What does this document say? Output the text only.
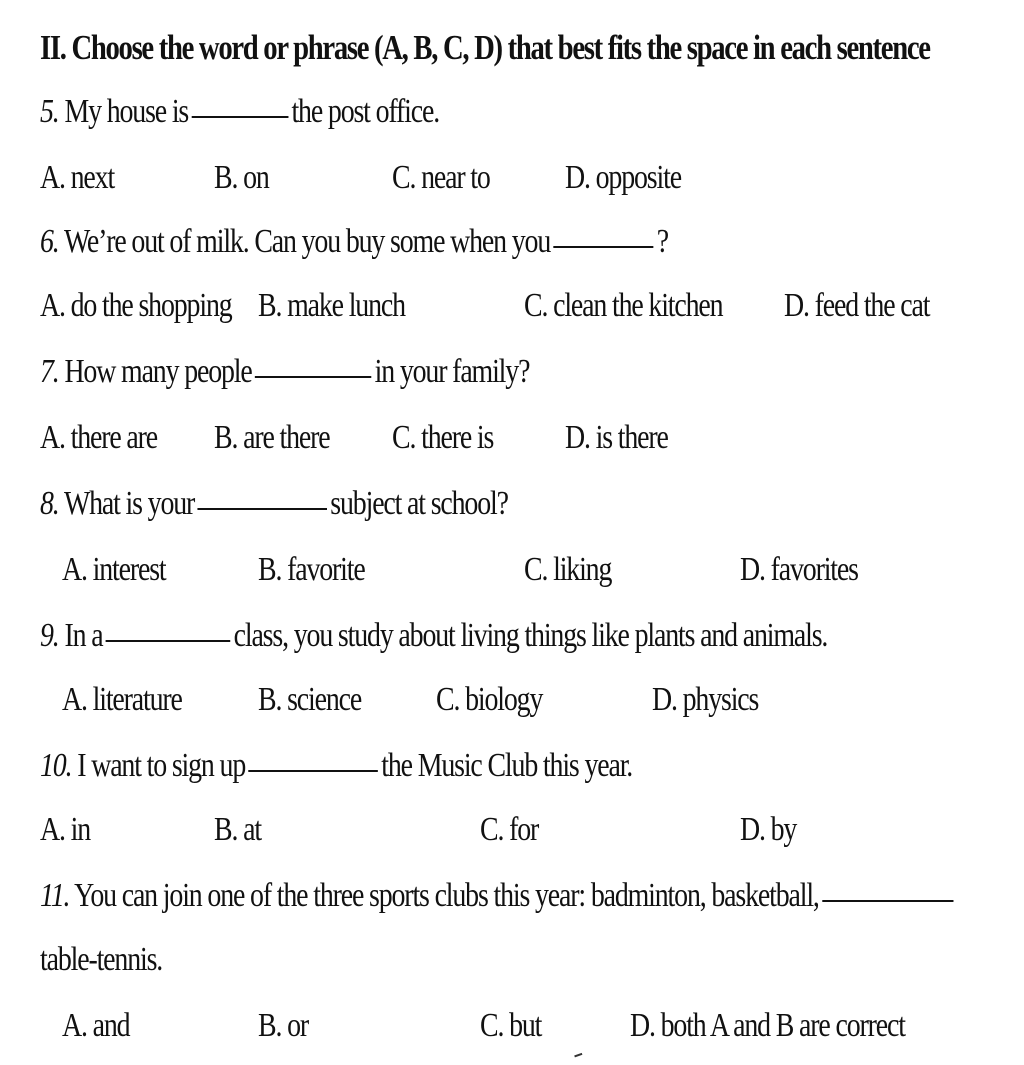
II. Choose the word or phrase (A, B, C, D) that best fits the space in each sentence
5. My house is	the post office.
A. next	B. on	C. near to D. opposite
6. We’re out of milk. Can you buy some when you	?
A. do the shopping B. make lunch	C. clean the kitchen D. feed the cat
7. How many people	in your family?
A. there are B. are there C. there is D. is there
8. What is your	subject at school?
A. interest	B. favorite	C. liking	D. favorites
9. In a	class, you study about living things like plants and animals.
A. literature B. science C. biology	D. physics
10. I want to sign up	the Music Club this year.
A. in	B. at	C. for	D. by
11. You can join one of the three sports clubs this year: badminton, basketball,
table-tennis.
A. and	B. or	C. but	D. both A and B are correct
